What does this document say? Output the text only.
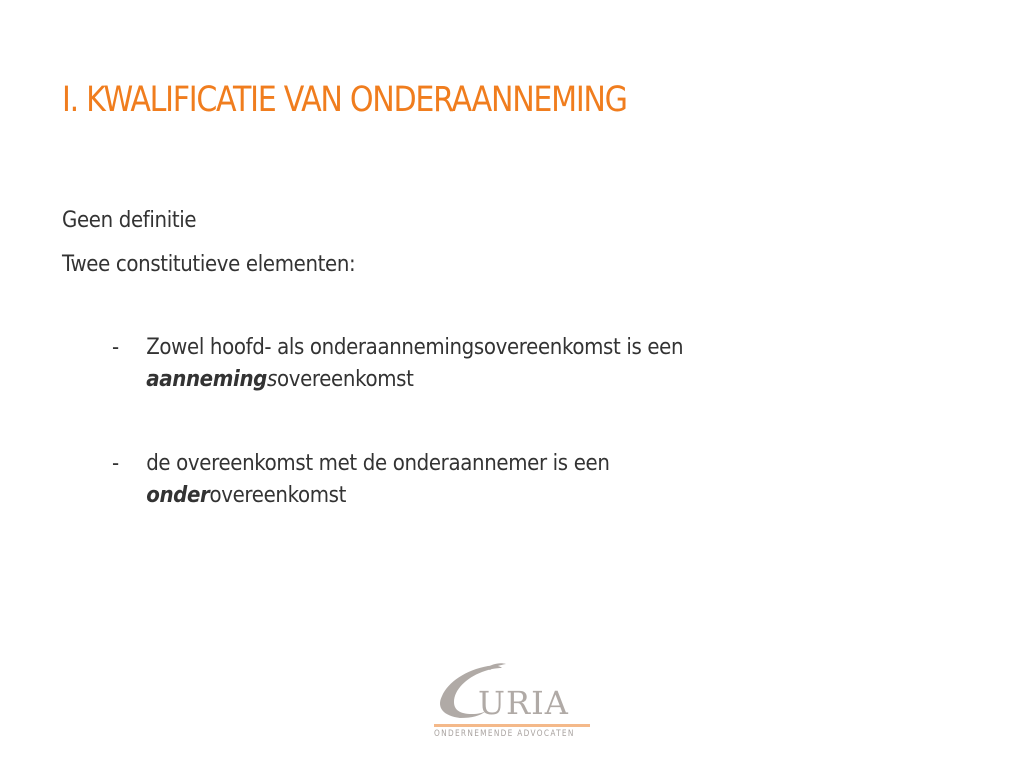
I. KWALIFICATIE VAN ONDERAANNEMING
Geen definitie
Twee constitutieve elementen:
- Zowel hoofd- als onderaannemingsovereenkomst is een
aannemingsovereenkomst
- de overeenkomst met de onderaannemer is een
onderovereenkomst
URIA
ONDERNEMENDE ADVOCATEN
